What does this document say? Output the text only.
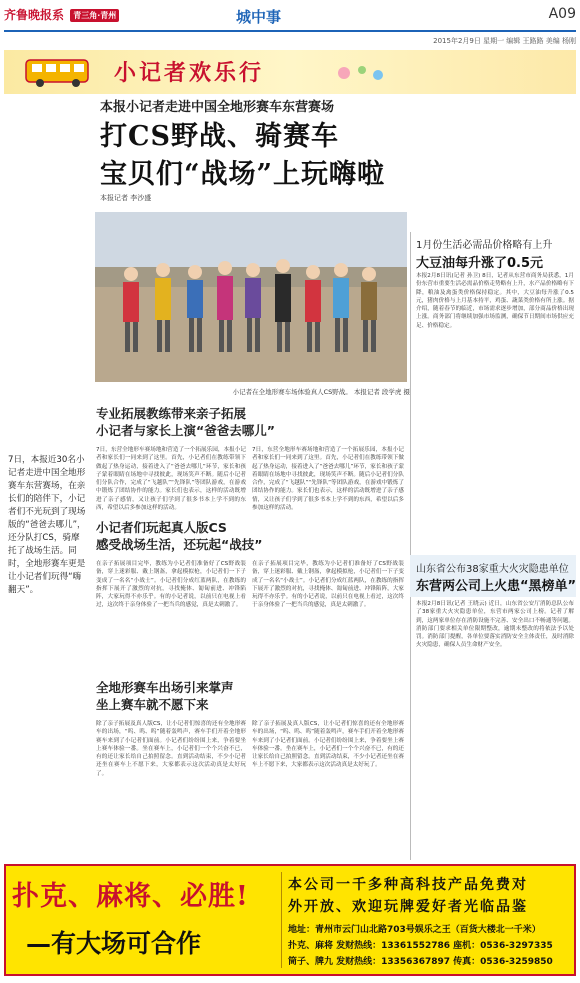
齐鲁晚报系 青三角·青州	城中事	A09
2015年2月9日 星期一 编辑 王路路 美编 杨刚
小记者欢乐行
本报小记者走进中国全地形赛车东营赛场
打CS野战、骑赛车
宝贝们“战场”上玩嗨啦
本报记者 李沙盛
小记者在全地形赛车场体验真人CS野战。 本报记者 段学虎 摄
7日，本报近30名小记者走进中国全地形赛车东营赛场，在亲长们的陪伴下，小记者们不光玩到了现场版的“爸爸去哪儿”，还分队打CS，骑摩托了战场生活。同时，全地形赛车更是让小记者们玩得“嗨翻天”。
专业拓展教练带来亲子拓展
小记者与家长上演“爸爸去哪儿”
7日，东营全地形车赛场地和营造了一个拓展乐园，本报小记者和家长们一同来到了这里。首先，小记者们在教练带领下做起了热身运动，接着进入了“爸爸去哪儿”环节，家长和孩子蒙着眼睛在场地中寻找彼此，现场笑声不断。随后小记者们分队合作，完成了“飞越队”“先锋队”等团队游戏，在游戏中锻炼了团结协作的能力。家长们也表示，这样的活动既增进了亲子感情，又让孩子们学到了很多书本上学不到的东西，希望以后多参加这样的活动。
7日，东营全地形车赛场地和营造了一个拓展乐园，本报小记者和家长们一同来到了这里。首先，小记者们在教练带领下做起了热身运动，接着进入了“爸爸去哪儿”环节，家长和孩子蒙着眼睛在场地中寻找彼此，现场笑声不断。随后小记者们分队合作，完成了“飞越队”“先锋队”等团队游戏，在游戏中锻炼了团结协作的能力。家长们也表示，这样的活动既增进了亲子感情，又让孩子们学到了很多书本上学不到的东西，希望以后多参加这样的活动。
小记者们玩起真人版CS
感受战场生活，还玩起“战技”
在亲子拓展项目完毕，教练为小记者们准备好了CS野战装备，穿上迷彩服、戴上钢盔，拿起模拟枪，小记者们一下子变成了一名名“小战士”。小记者们分成红蓝两队，在教练的指挥下展开了激烈的对抗，寻找掩体、匍匐前进、冲锋陷阵，大家玩得不亦乐乎。有的小记者说，以前只在电视上看过，这次终于亲身体验了一把当兵的感觉，真是太刺激了。
在亲子拓展项目完毕，教练为小记者们准备好了CS野战装备，穿上迷彩服、戴上钢盔，拿起模拟枪，小记者们一下子变成了一名名“小战士”。小记者们分成红蓝两队，在教练的指挥下展开了激烈的对抗，寻找掩体、匍匐前进、冲锋陷阵，大家玩得不亦乐乎。有的小记者说，以前只在电视上看过，这次终于亲身体验了一把当兵的感觉，真是太刺激了。
全地形赛车出场引来掌声
坐上赛车就不愿下来
除了亲子拓展及真人版CS，让小记者们惊喜的还有全地形赛车的出场，“呜、呜、呜”随着轰鸣声，赛车手们开着全地形赛车来到了小记者们面前。小记者们纷纷围上来，争着要坐上赛车体验一番。坐在赛车上，小记者们一个个兴奋不已，有的还让家长给自己拍照留念。直到活动结束，不少小记者还坐在赛车上不愿下来，大家都表示这次活动真是太好玩了。
除了亲子拓展及真人版CS，让小记者们惊喜的还有全地形赛车的出场，“呜、呜、呜”随着轰鸣声，赛车手们开着全地形赛车来到了小记者们面前。小记者们纷纷围上来，争着要坐上赛车体验一番。坐在赛车上，小记者们一个个兴奋不已，有的还让家长给自己拍照留念。直到活动结束，不少小记者还坐在赛车上不愿下来，大家都表示这次活动真是太好玩了。
1月份生活必需品价格略有上升
大豆油每升涨了0.5元
本报2月8日讯(记者 孙卫) 8日，记者从东营市商务局获悉，1月份东营市重要生活必需品价格走势略有上升，水产品价格略有下降，粮油及禽蛋类价格保持稳定。其中，大豆油每升涨了0.5元，猪肉价格与上月基本持平，鸡蛋、蔬菜类价格有所上涨。据介绍，随着春节的临近，市场需求逐步增加，部分商品价格出现上涨。商务部门将继续加强市场监测，确保节日期间市场供应充足、价格稳定。
山东省公布38家重大火灾隐患单位
东营两公司上火患“黑榜单”
本报2月8日讯(记者 王晓云) 近日，山东省公安厅消防总队公布了38家重大火灾隐患单位，东营市两家公司上榜。记者了解到，这两家单位存在消防设施不完善、安全出口不畅通等问题。消防部门要求相关单位限期整改，逾期未整改的将依法予以处罚。消防部门提醒，各单位要落实消防安全主体责任，及时消除火灾隐患，确保人员生命财产安全。
扑克、麻将、必胜!
—有大场可合作
本公司一千多种高科技产品免费对
外开放、欢迎玩牌爱好者光临品鉴
地址：青州市云门山北路703号娱乐之王（百货大楼北一千米）
扑克、麻将 发财热线：13361552786 座机：0536-3297335
筒子、牌九 发财热线：13356367897 传真：0536-3259850
